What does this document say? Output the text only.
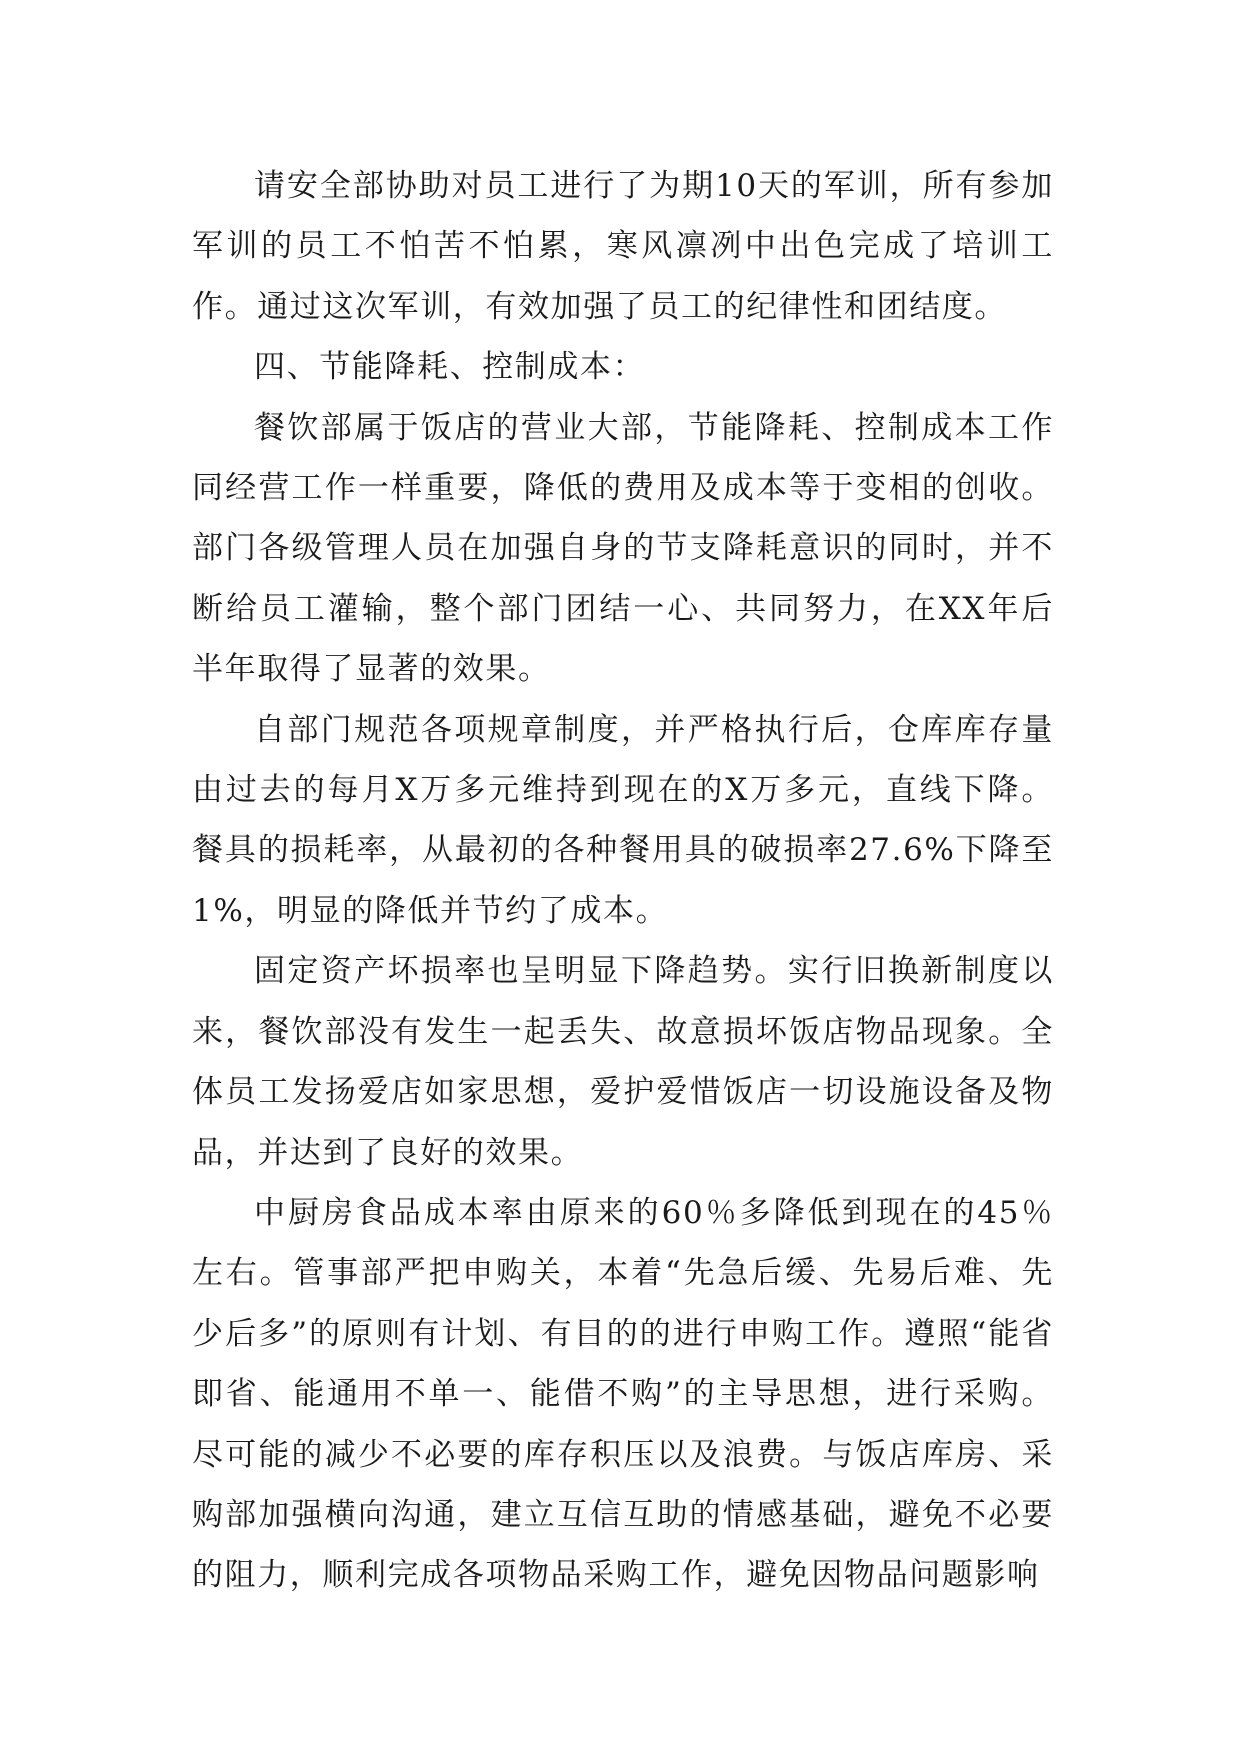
请安全部协助对员工进行了为期10天的军训，所有参加军训的员工不怕苦不怕累，寒风凛冽中出色完成了培训工作。通过这次军训，有效加强了员工的纪律性和团结度。

四、节能降耗、控制成本：

餐饮部属于饭店的营业大部，节能降耗、控制成本工作同经营工作一样重要，降低的费用及成本等于变相的创收。部门各级管理人员在加强自身的节支降耗意识的同时，并不断给员工灌输，整个部门团结一心、共同努力，在XX年后半年取得了显著的效果。

自部门规范各项规章制度，并严格执行后，仓库库存量由过去的每月X万多元维持到现在的X万多元，直线下降。餐具的损耗率，从最初的各种餐用具的破损率27.6%下降至1%，明显的降低并节约了成本。

固定资产坏损率也呈明显下降趋势。实行旧换新制度以来，餐饮部没有发生一起丢失、故意损坏饭店物品现象。全体员工发扬爱店如家思想，爱护爱惜饭店一切设施设备及物品，并达到了良好的效果。

中厨房食品成本率由原来的60％多降低到现在的45％左右。管事部严把申购关，本着“先急后缓、先易后难、先少后多”的原则有计划、有目的的进行申购工作。遵照“能省即省、能通用不单一、能借不购”的主导思想，进行采购。尽可能的减少不必要的库存积压以及浪费。与饭店库房、采购部加强横向沟通，建立互信互助的情感基础，避免不必要的阻力，顺利完成各项物品采购工作，避免因物品问题影响
